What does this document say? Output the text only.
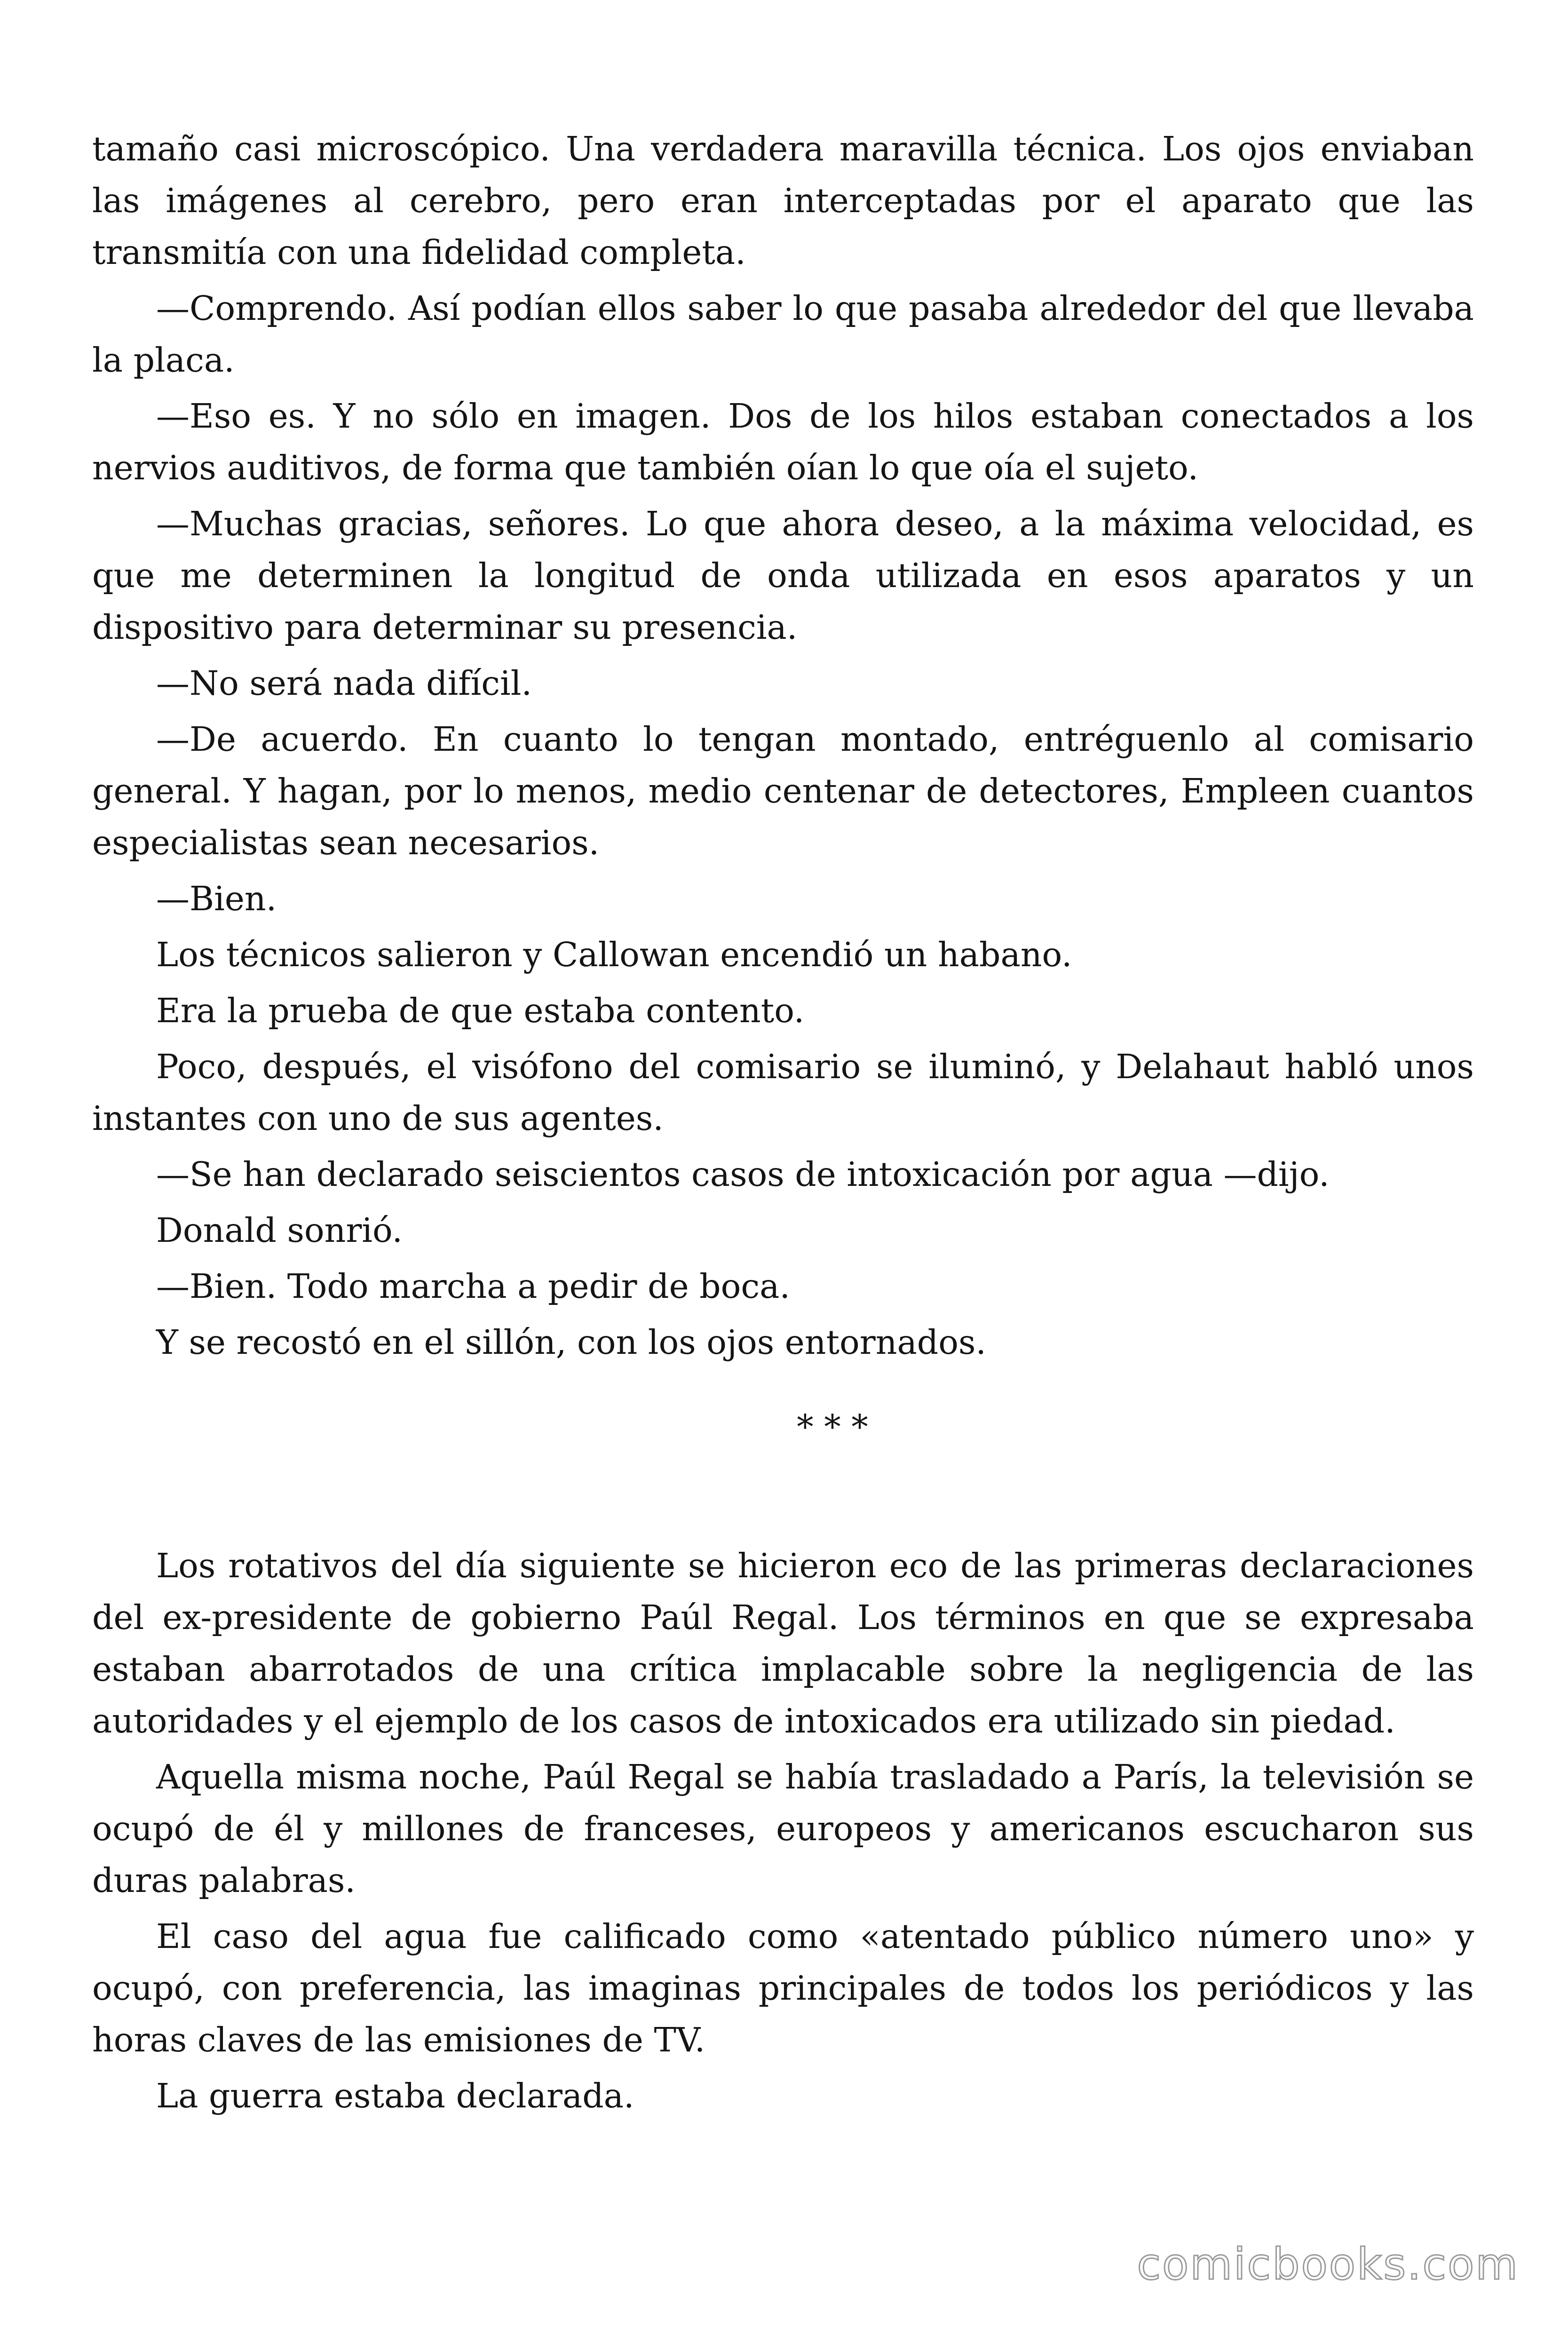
tamaño casi microscópico. Una verdadera maravilla técnica. Los ojos enviaban las imágenes al cerebro, pero eran interceptadas por el aparato que las transmitía con una fidelidad completa.

—Comprendo. Así podían ellos saber lo que pasaba alrededor del que llevaba la placa.

—Eso es. Y no sólo en imagen. Dos de los hilos estaban conectados a los nervios auditivos, de forma que también oían lo que oía el sujeto.

—Muchas gracias, señores. Lo que ahora deseo, a la máxima velocidad, es que me determinen la longitud de onda utilizada en esos aparatos y un dispositivo para determinar su presencia.

—No será nada difícil.

—De acuerdo. En cuanto lo tengan montado, entréguenlo al comisario general. Y hagan, por lo menos, medio centenar de detectores, Empleen cuantos especialistas sean necesarios.

—Bien.

Los técnicos salieron y Callowan encendió un habano.

Era la prueba de que estaba contento.

Poco, después, el visófono del comisario se iluminó, y Delahaut habló unos instantes con uno de sus agentes.

—Se han declarado seiscientos casos de intoxicación por agua —dijo.

Donald sonrió.

—Bien. Todo marcha a pedir de boca.

Y se recostó en el sillón, con los ojos entornados.

* * *

Los rotativos del día siguiente se hicieron eco de las primeras declaraciones del ex-presidente de gobierno Paúl Regal. Los términos en que se expresaba estaban abarrotados de una crítica implacable sobre la negligencia de las autoridades y el ejemplo de los casos de intoxicados era utilizado sin piedad.

Aquella misma noche, Paúl Regal se había trasladado a París, la televisión se ocupó de él y millones de franceses, europeos y americanos escucharon sus duras palabras.

El caso del agua fue calificado como «atentado público número uno» y ocupó, con preferencia, las imaginas principales de todos los periódicos y las horas claves de las emisiones de TV.

La guerra estaba declarada.

comicbooks.com
